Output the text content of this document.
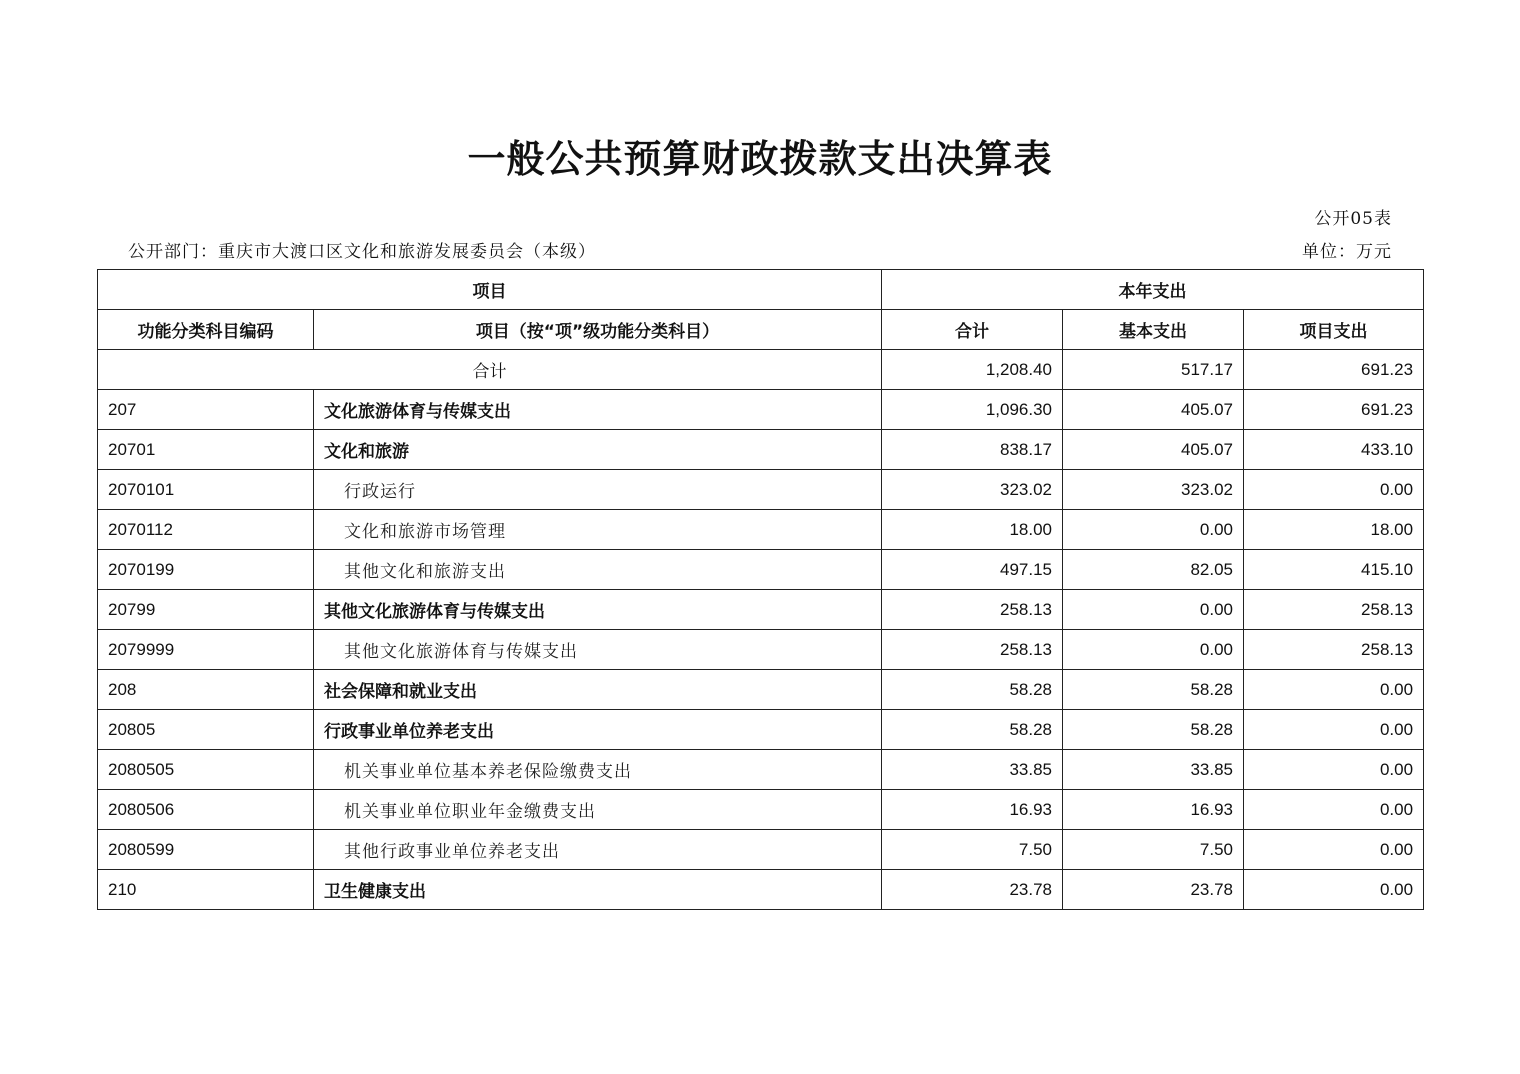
一般公共预算财政拨款支出决算表
公开05表
公开部门：重庆市大渡口区文化和旅游发展委员会（本级）	单位：万元
项目		本年支出		
功能分类科目编码	项目（按“项”级功能分类科目）	合计	基本支出	项目支出
合计		1,208.40	517.17	691.23
207	文化旅游体育与传媒支出	1,096.30	405.07	691.23
20701	文化和旅游	838.17	405.07	433.10
2070101	行政运行	323.02	323.02	0.00
2070112	文化和旅游市场管理	18.00	0.00	18.00
2070199	其他文化和旅游支出	497.15	82.05	415.10
20799	其他文化旅游体育与传媒支出	258.13	0.00	258.13
2079999	其他文化旅游体育与传媒支出	258.13	0.00	258.13
208	社会保障和就业支出	58.28	58.28	0.00
20805	行政事业单位养老支出	58.28	58.28	0.00
2080505	机关事业单位基本养老保险缴费支出	33.85	33.85	0.00
2080506	机关事业单位职业年金缴费支出	16.93	16.93	0.00
2080599	其他行政事业单位养老支出	7.50	7.50	0.00
210	卫生健康支出	23.78	23.78	0.00
